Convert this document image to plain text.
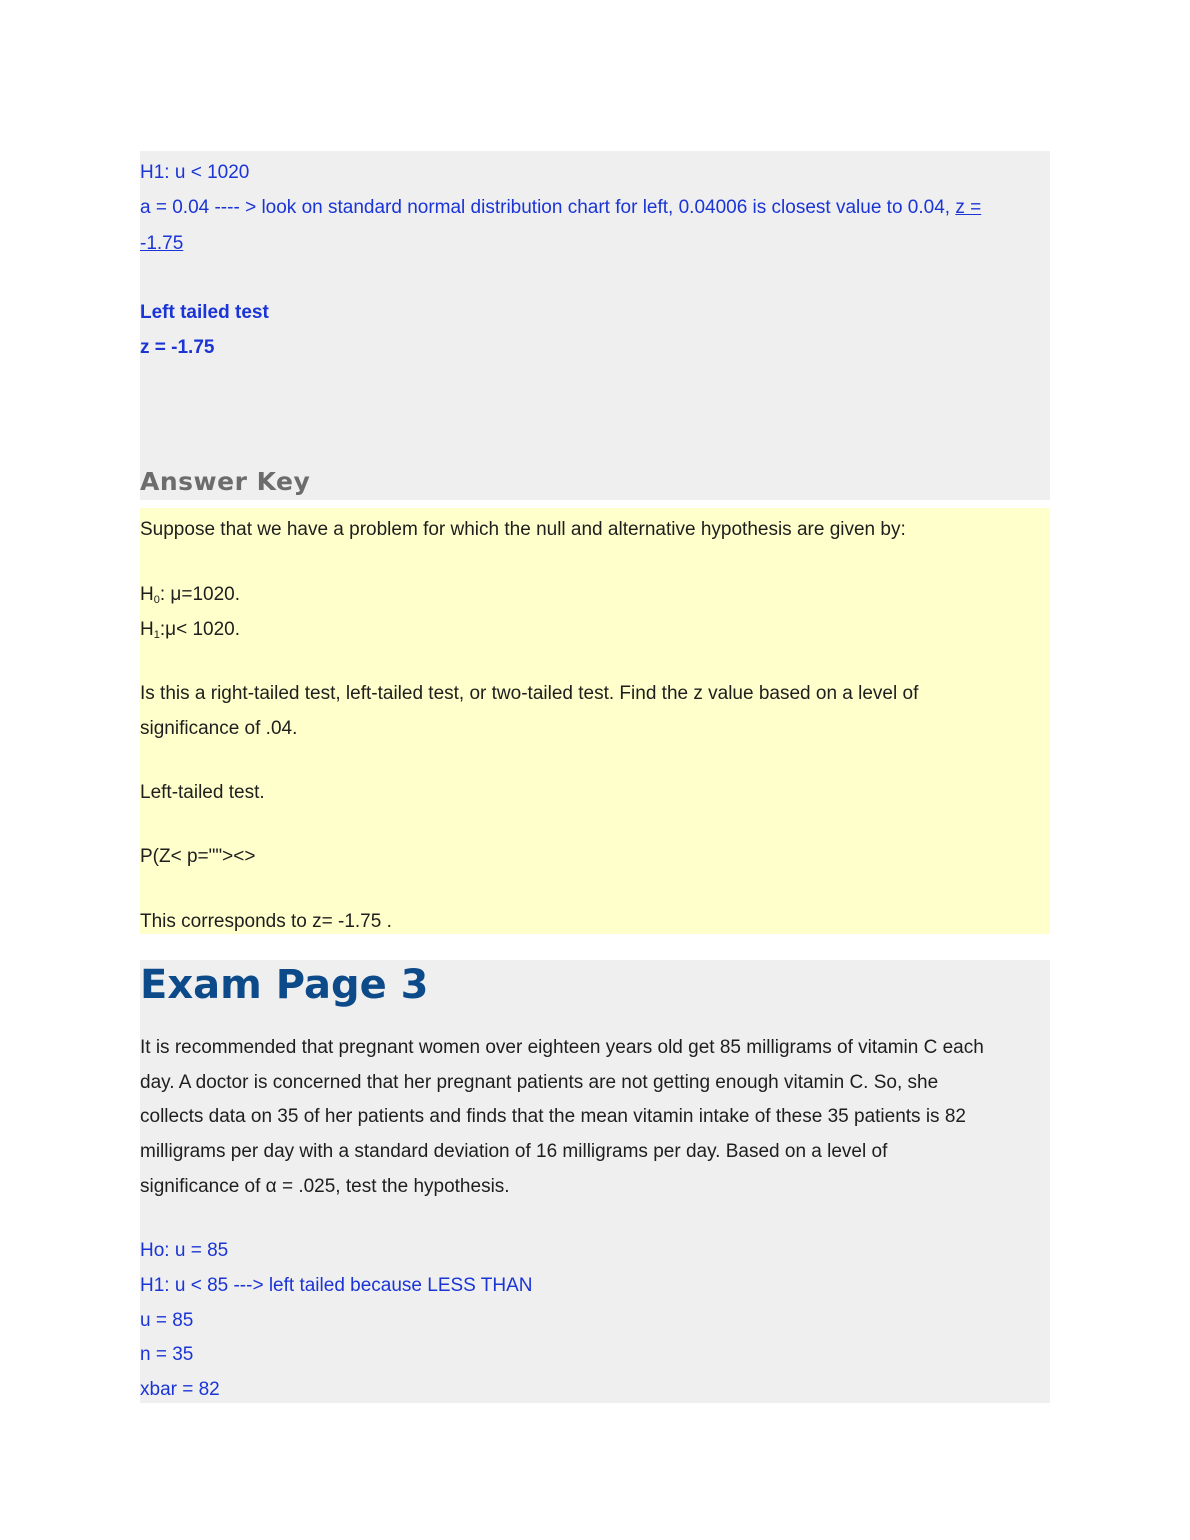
H1: u < 1020
a = 0.04 ---- > look on standard normal distribution chart for left, 0.04006 is closest value to 0.04, z =
-1.75
Left tailed test
z = -1.75
Answer Key
Suppose that we have a problem for which the null and alternative hypothesis are given by:
$H_0$: μ=1020.
$H_1:\mu< 1020$.
Is this a right-tailed test, left-tailed test, or two-tailed test. Find the z value based on a level of
significance of .04.
Left-tailed test.
P(Z< p=""><>
This corresponds to z= -1.75 .
Exam Page 3
It is recommended that pregnant women over eighteen years old get 85 milligrams of vitamin C each
day. A doctor is concerned that her pregnant patients are not getting enough vitamin C. So, she
collects data on 35 of her patients and finds that the mean vitamin intake of these 35 patients is 82
milligrams per day with a standard deviation of 16 milligrams per day. Based on a level of
significance of α = .025, test the hypothesis.
Ho: u = 85
H1: u < 85 ---> left tailed because LESS THAN
u = 85
n = 35
xbar = 82
